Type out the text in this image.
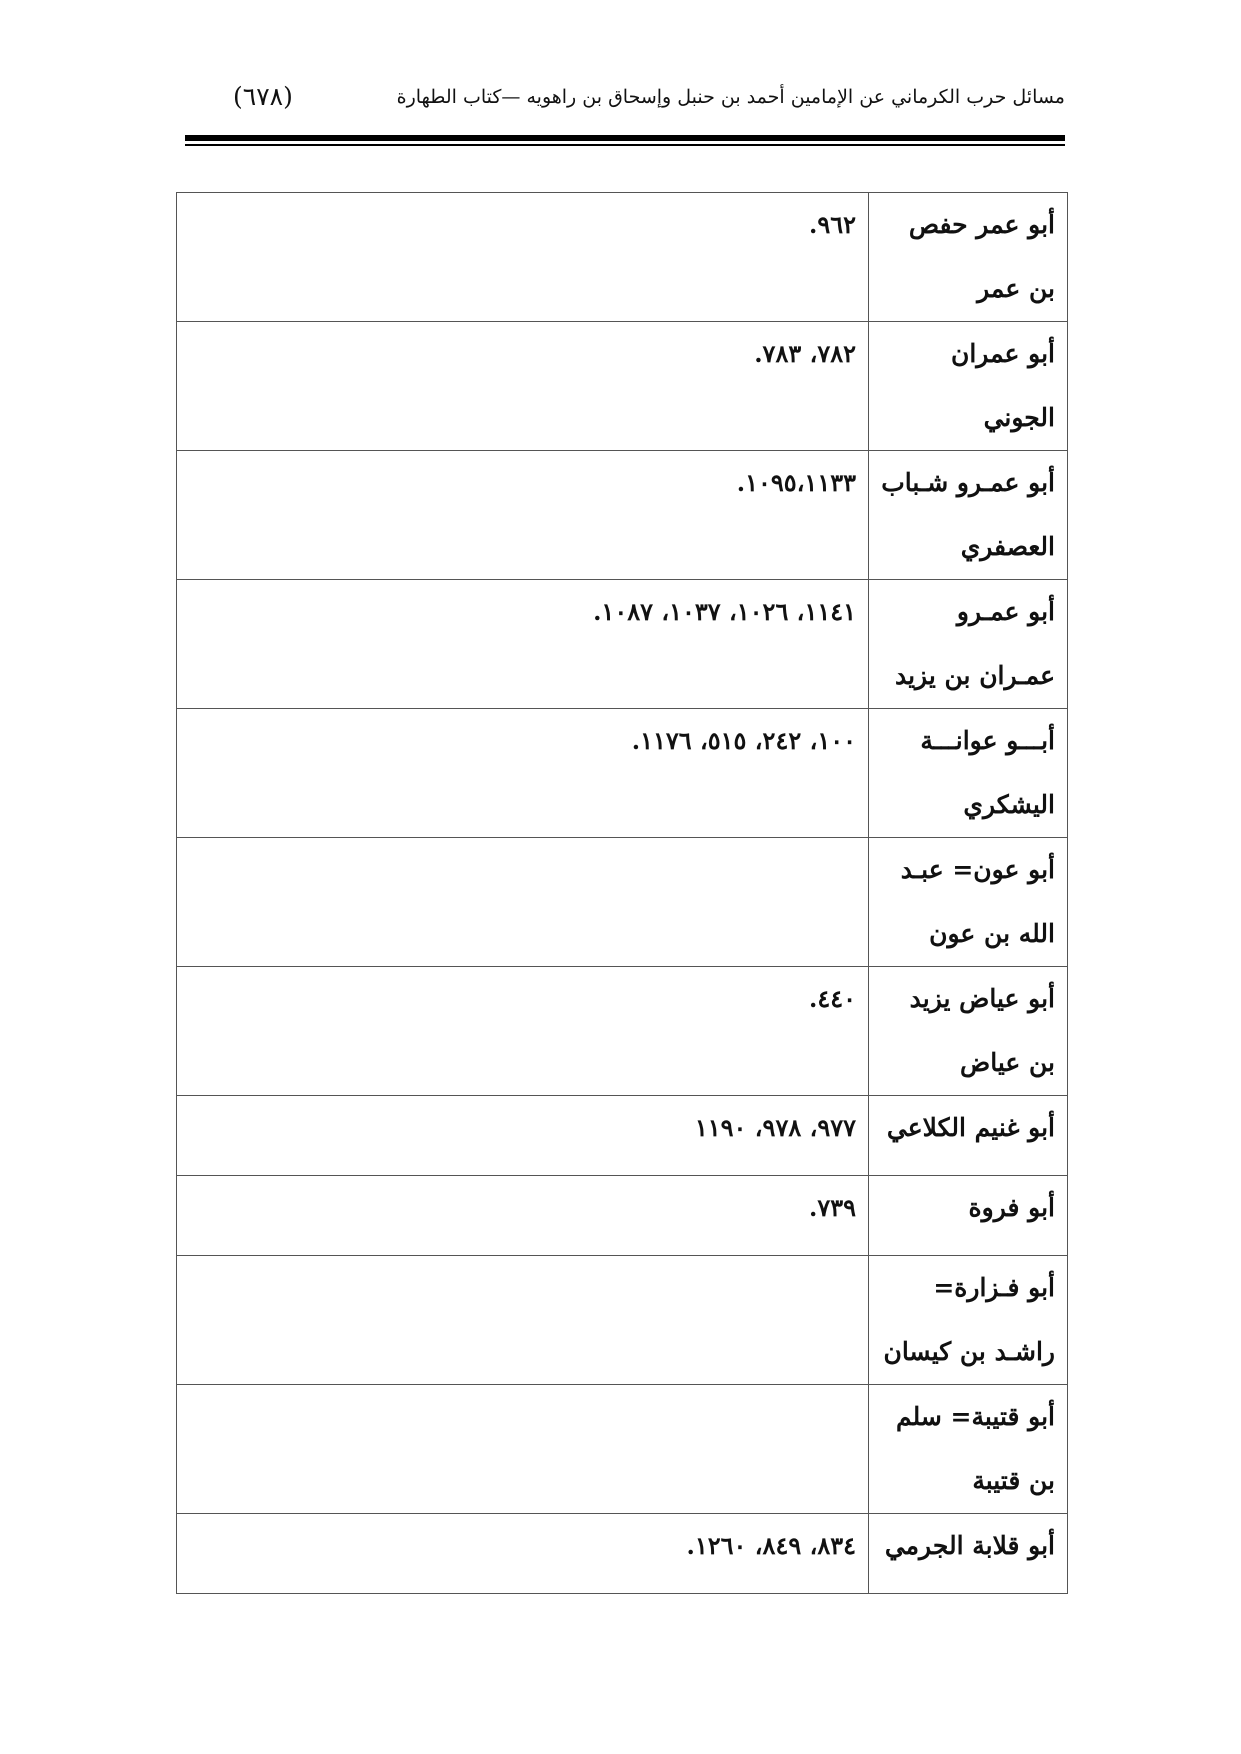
مسائل حرب الكرماني عن الإمامين أحمد بن حنبل وإسحاق بن راهويه —كتاب الطهارة
(٦٧٨)
أبو عمر حفص بن عمر	٩٦٢.
أبو عمران الجوني	٧٨٢، ٧٨٣.
أبو عمـرو شـباب العصفري	١٠٩٥،١١٣٣.
أبو عمـرو عمـران بن يزيد	١١٤١، ١٠٢٦، ١٠٣٧، ١٠٨٧.
أبـــو عوانـــة اليشكري	١٠٠، ٢٤٢، ٥١٥، ١١٧٦.
أبو عون= عبـد الله بن عون	
أبو عياض يزيد بن عياض	٤٤٠.
أبو غنيم الكلاعي	٩٧٧، ٩٧٨، ١١٩٠
أبو فروة	٧٣٩.
أبو فـزارة= راشـد بن كيسان	
أبو قتيبة= سلم بن قتيبة	
أبو قلابة الجرمي	٨٣٤، ٨٤٩، ١٢٦٠.
